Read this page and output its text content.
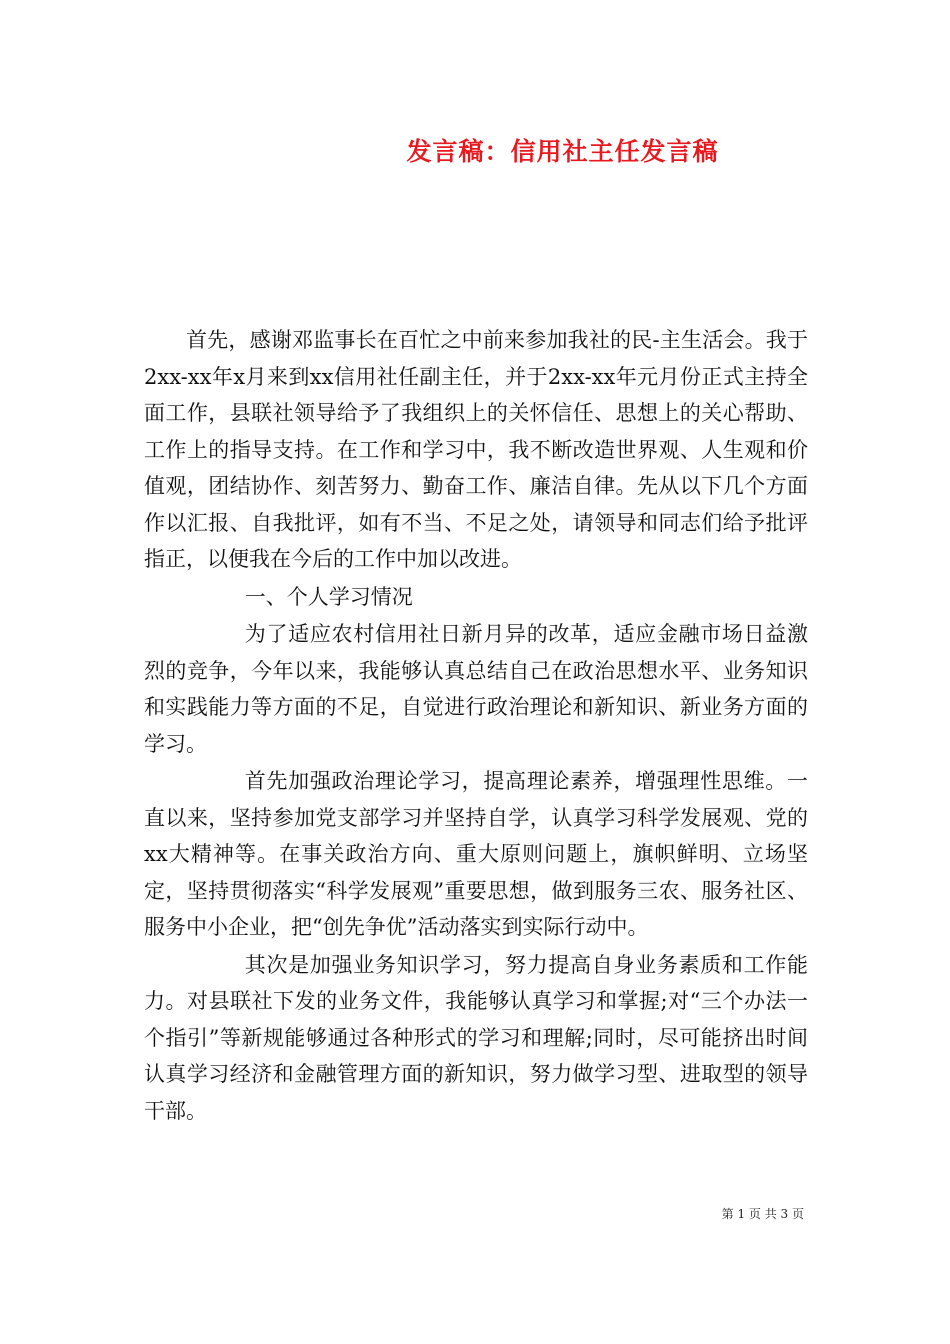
发言稿：信用社主任发言稿

首先，感谢邓监事长在百忙之中前来参加我社的民-主生活会。我于2xx-xx年x月来到xx信用社任副主任，并于2xx-xx年元月份正式主持全面工作，县联社领导给予了我组织上的关怀信任、思想上的关心帮助、工作上的指导支持。在工作和学习中，我不断改造世界观、人生观和价值观，团结协作、刻苦努力、勤奋工作、廉洁自律。先从以下几个方面作以汇报、自我批评，如有不当、不足之处，请领导和同志们给予批评指正，以便我在今后的工作中加以改进。

一、个人学习情况

为了适应农村信用社日新月异的改革，适应金融市场日益激烈的竞争，今年以来，我能够认真总结自己在政治思想水平、业务知识和实践能力等方面的不足，自觉进行政治理论和新知识、新业务方面的学习。

首先加强政治理论学习，提高理论素养，增强理性思维。一直以来，坚持参加党支部学习并坚持自学，认真学习科学发展观、党的xx大精神等。在事关政治方向、重大原则问题上，旗帜鲜明、立场坚定，坚持贯彻落实“科学发展观”重要思想，做到服务三农、服务社区、服务中小企业，把“创先争优”活动落实到实际行动中。

其次是加强业务知识学习，努力提高自身业务素质和工作能力。对县联社下发的业务文件，我能够认真学习和掌握;对“三个办法一个指引”等新规能够通过各种形式的学习和理解;同时，尽可能挤出时间认真学习经济和金融管理方面的新知识，努力做学习型、进取型的领导干部。

第 1 页 共 3 页
